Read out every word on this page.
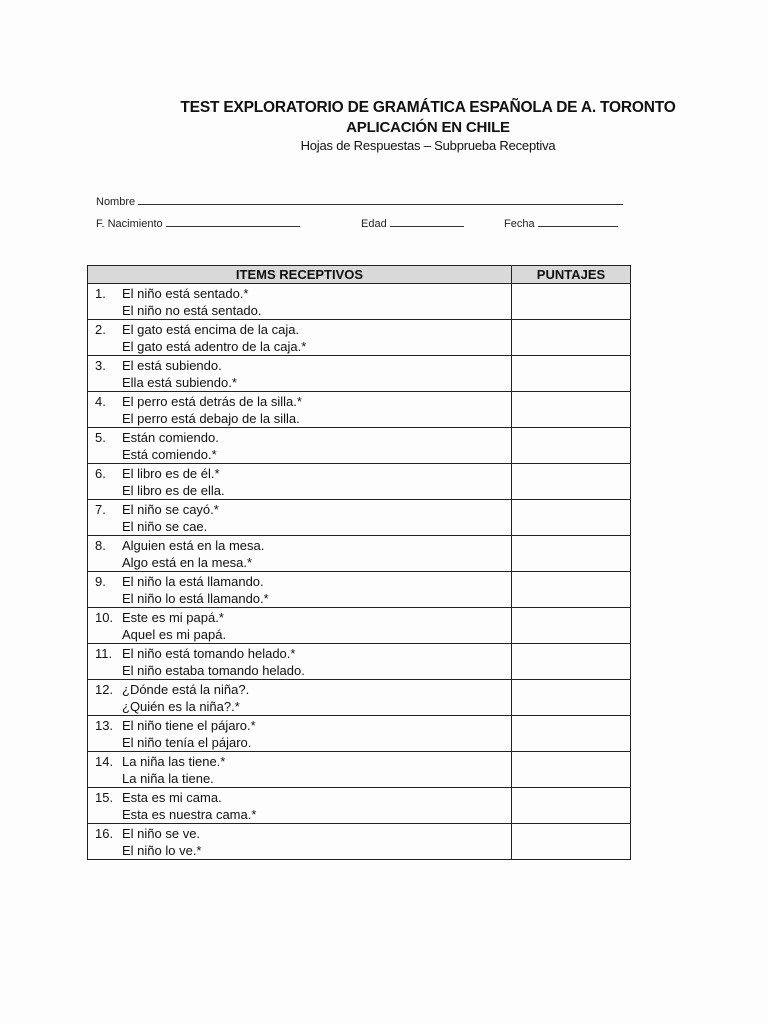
TEST EXPLORATORIO DE GRAMÁTICA ESPAÑOLA DE A. TORONTO
APLICACIÓN EN CHILE
Hojas de Respuestas – Subprueba Receptiva
Nombre
F. Nacimiento	Edad	Fecha
ITEMS RECEPTIVOS	PUNTAJES

1. El niño está sentado.*
El niño no está sentado.	

2. El gato está encima de la caja.
El gato está adentro de la caja.*	

3. El está subiendo.
Ella está subiendo.*	

4. El perro está detrás de la silla.*
El perro está debajo de la silla.	

5. Están comiendo.
Está comiendo.*	

6. El libro es de él.*
El libro es de ella.	

7. El niño se cayó.*
El niño se cae.	

8. Alguien está en la mesa.
Algo está en la mesa.*	

9. El niño la está llamando.
El niño lo está llamando.*	

10. Este es mi papá.*
Aquel es mi papá.	

11. El niño está tomando helado.*
El niño estaba tomando helado.	

12. ¿Dónde está la niña?.
¿Quién es la niña?.*	

13. El niño tiene el pájaro.*
El niño tenía el pájaro.	

14. La niña las tiene.*
La niña la tiene.	

15. Esta es mi cama.
Esta es nuestra cama.*	

16. El niño se ve.
El niño lo ve.*	
